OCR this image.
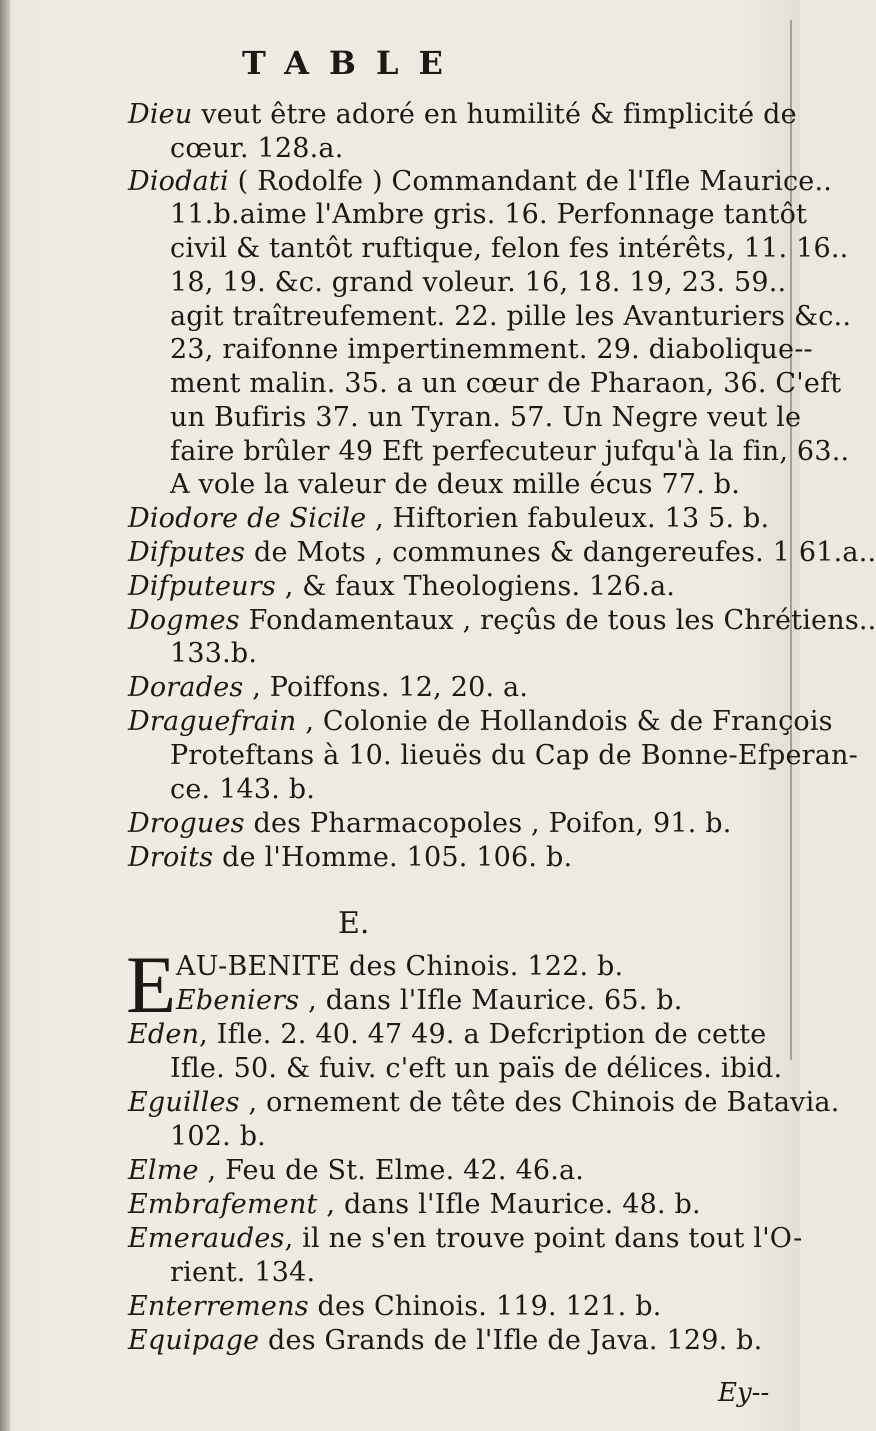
TABLE
Dieu veut être adoré en humilité & fimplicité de
cœur. 128.a.
Diodati ( Rodolfe ) Commandant de l'Ifle Maurice..
11.b.aime l'Ambre gris. 16. Perfonnage tantôt
civil & tantôt ruftique, felon fes intérêts, 11. 16..
18, 19. &c. grand voleur. 16, 18. 19, 23. 59..
agit traîtreufement. 22. pille les Avanturiers &c..
23, raifonne impertinemment. 29. diabolique--
ment malin. 35. a un cœur de Pharaon, 36. C'eft
un Bufiris 37. un Tyran. 57. Un Negre veut le
faire brûler 49 Eft perfecuteur jufqu'à la fin, 63..
A vole la valeur de deux mille écus 77. b.
Diodore de Sicile , Hiftorien fabuleux. 13 5. b.
Difputes de Mots , communes & dangereufes. 1 61.a..
Difputeurs , & faux Theologiens. 126.a.
Dogmes Fondamentaux , reçûs de tous les Chrétiens..
133.b.
Dorades , Poiffons. 12, 20. a.
Draguefrain , Colonie de Hollandois & de François
Proteftans à 10. lieuës du Cap de Bonne-Efperan-
ce. 143. b.
Drogues des Pharmacopoles , Poifon, 91. b.
Droits de l'Homme. 105. 106. b.
AU-BENITE des Chinois. 122. b.
Ebeniers , dans l'Ifle Maurice. 65. b.
Eden, Ifle. 2. 40. 47 49. a Defcription de cette
Ifle. 50. & fuiv. c'eft un païs de délices. ibid.
Eguilles , ornement de tête des Chinois de Batavia.
102. b.
Elme , Feu de St. Elme. 42. 46.a.
Embrafement , dans l'Ifle Maurice. 48. b.
Emeraudes, il ne s'en trouve point dans tout l'O-
rient. 134.
Enterremens des Chinois. 119. 121. b.
Equipage des Grands de l'Ifle de Java. 129. b.
E.
E
Ey--
